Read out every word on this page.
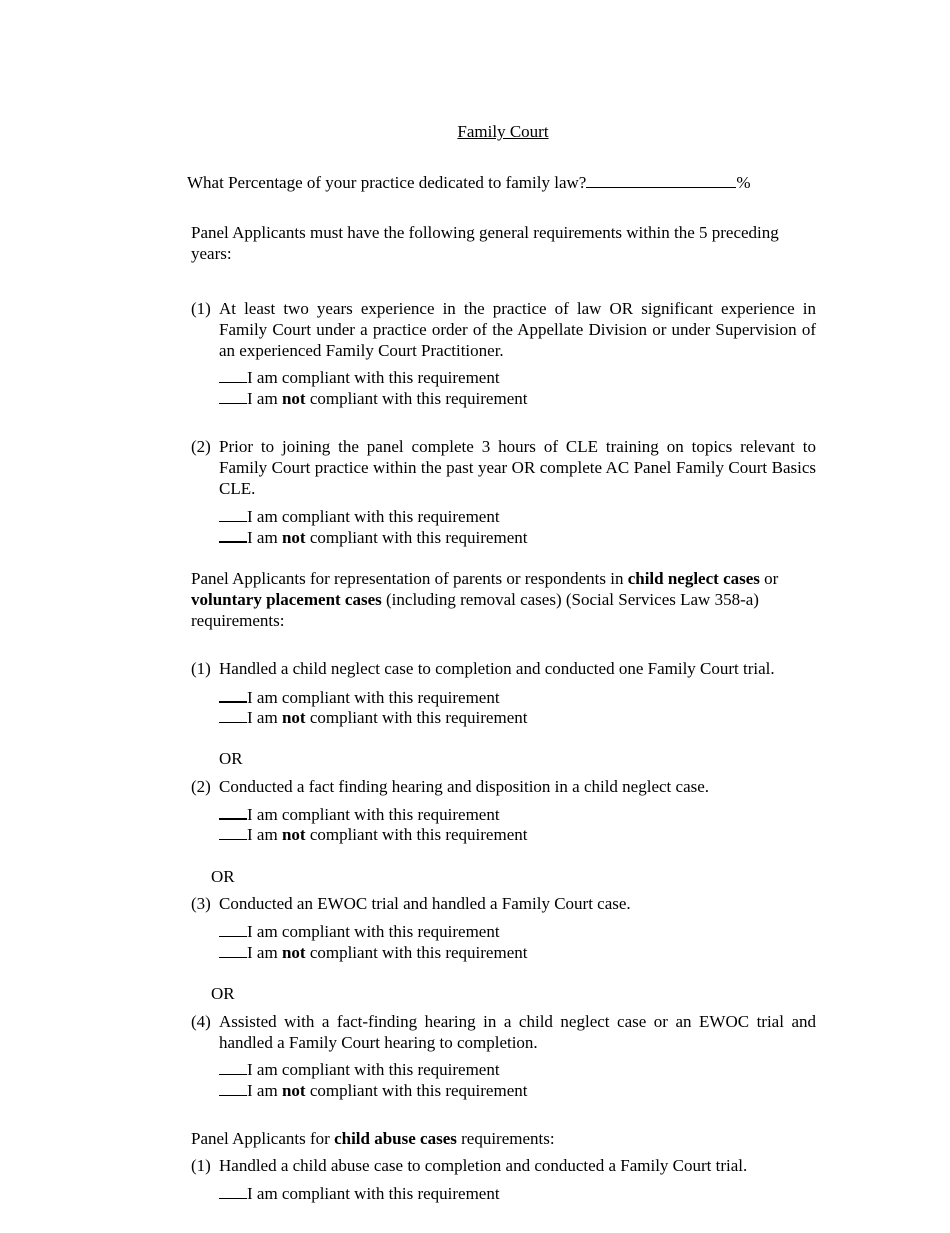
Family Court
What Percentage of your practice dedicated to family law?	%
Panel Applicants must have the following general requirements within the 5 preceding years:
(1) At least two years experience in the practice of law OR significant experience in Family Court under a practice order of the Appellate Division or under Supervision of an experienced Family Court Practitioner.
I am compliant with this requirement
I am not compliant with this requirement
(2) Prior to joining the panel complete 3 hours of CLE training on topics relevant to Family Court practice within the past year OR complete AC Panel Family Court Basics CLE.
I am compliant with this requirement
I am not compliant with this requirement
Panel Applicants for representation of parents or respondents in child neglect cases or voluntary placement cases (including removal cases) (Social Services Law 358-a) requirements:
(1) Handled a child neglect case to completion and conducted one Family Court trial.
I am compliant with this requirement
I am not compliant with this requirement
OR
(2) Conducted a fact finding hearing and disposition in a child neglect case.
I am compliant with this requirement
I am not compliant with this requirement
OR
(3) Conducted an EWOC trial and handled a Family Court case.
I am compliant with this requirement
I am not compliant with this requirement
OR
(4) Assisted with a fact-finding hearing in a child neglect case or an EWOC trial and handled a Family Court hearing to completion.
I am compliant with this requirement
I am not compliant with this requirement
Panel Applicants for child abuse cases requirements:
(1) Handled a child abuse case to completion and conducted a Family Court trial.
I am compliant with this requirement
